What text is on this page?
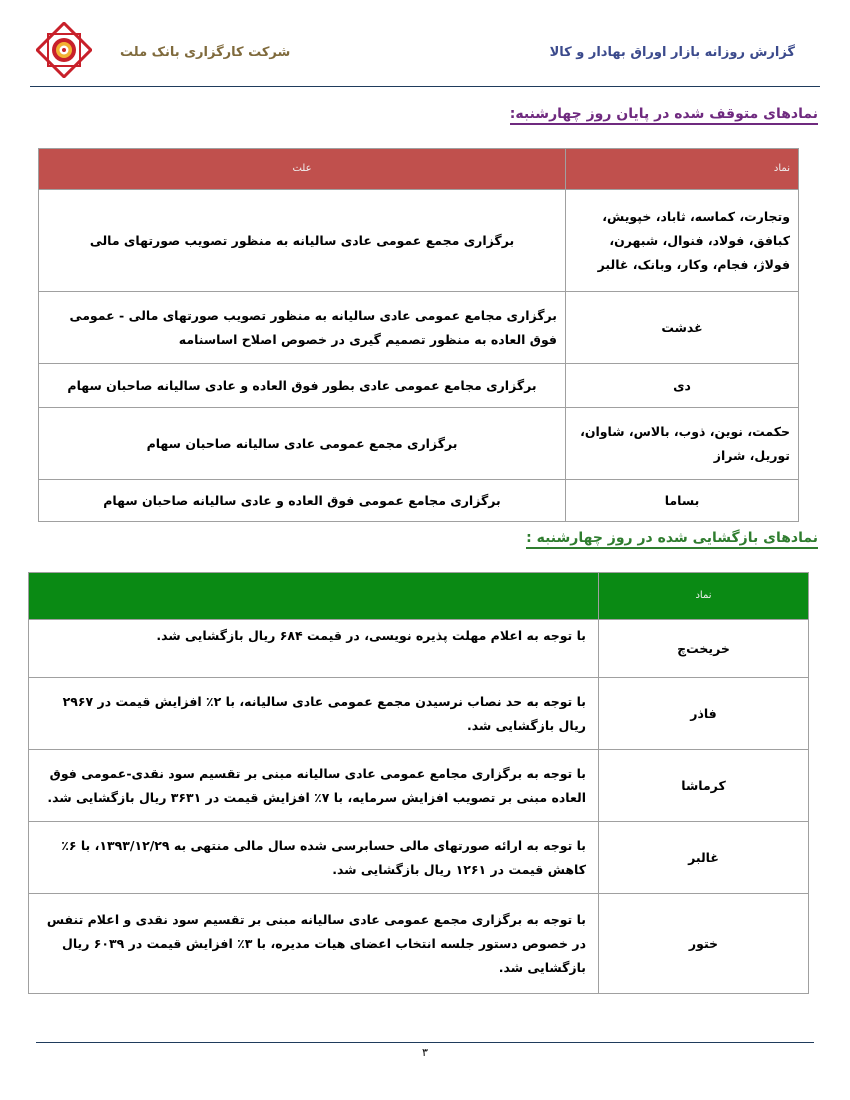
شرکت کارگزاری بانک ملت	گزارش روزانه بازار اوراق بهادار و کالا
نمادهای متوقف شده در پایان روز چهارشنبه:
نماد	علت
وتجارت، کماسه، ثاباد، خپویش، کبافق، فولاد، فنوال، شبهرن، فولاژ، فجام، وکار، وبانک، غالبر	برگزاری مجمع عمومی عادی سالیانه به منظور تصویب صورتهای مالی
غدشت	برگزاری مجامع عمومی عادی سالیانه به منظور تصویب صورتهای مالی - عمومی فوق العاده به منظور تصمیم گیری در خصوص اصلاح اساسنامه
دی	برگزاری مجامع عمومی عادی بطور فوق العاده و عادی سالیانه صاحبان سهام
حکمت، نوین، ذوب، بالاس، شاوان، توریل، شراز	برگزاری مجمع عمومی عادی سالیانه صاحبان سهام
بساما	برگزاری مجامع عمومی فوق العاده و عادی سالیانه صاحبان سهام
نمادهای بازگشایی شده در روز چهارشنبه :
نماد	
خریخت‌چ	با توجه به اعلام مهلت پذیره نویسی، در قیمت ۶۸۴ ریال بازگشایی شد.
فاذر	با توجه به حد نصاب نرسیدن مجمع عمومی عادی سالیانه، با ۲٪ افزایش قیمت در ۲۹۶۷ ریال بازگشایی شد.
کرماشا	با توجه به برگزاری مجامع عمومی عادی سالیانه مبنی بر تقسیم سود نقدی-عمومی فوق العاده مبنی بر تصویب افزایش سرمایه، با ۷٪ افزایش قیمت در ۳۶۳۱ ریال بازگشایی شد.
غالبر	با توجه به ارائه صورتهای مالی حسابرسی شده سال مالی منتهی به ۱۳۹۳/۱۲/۲۹، با ۶٪ کاهش قیمت در ۱۲۶۱ ریال بازگشایی شد.
ختور	با توجه به برگزاری مجمع عمومی عادی سالیانه مبنی بر تقسیم سود نقدی و اعلام تنفس در خصوص دستور جلسه انتخاب اعضای هیات مدیره، با ۳٪ افزایش قیمت در ۶۰۳۹ ریال بازگشایی شد.
۳
